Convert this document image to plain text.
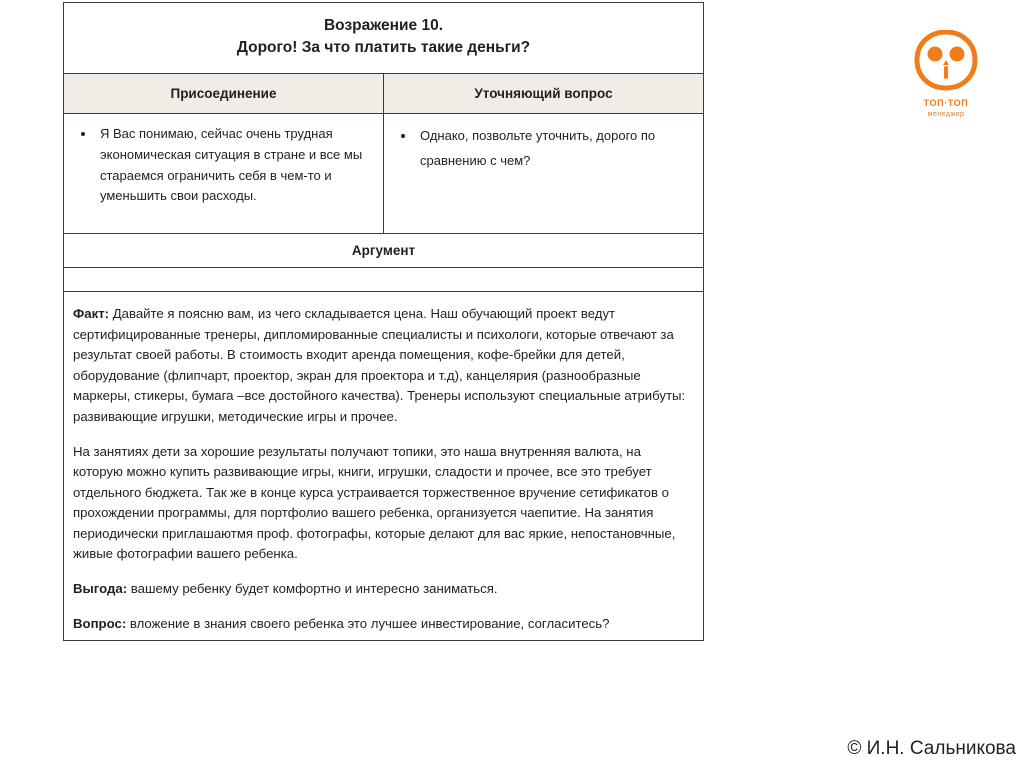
Возражение 10.
Дорого! За что платить такие деньги?
Присоединение	Уточняющий вопрос
• Я Вас понимаю, сейчас очень трудная экономическая ситуация в стране и все мы стараемся ограничить себя в чем-то и уменьшить свои расходы.
• Однако, позвольте уточнить, дорого по сравнению с чем?
Аргумент

Факт: Давайте я поясню вам, из чего складывается цена. Наш обучающий проект ведут сертифицированные тренеры, дипломированные специалисты и психологи, которые отвечают за результат своей работы. В стоимость входит аренда помещения, кофе-брейки для детей, оборудование (флипчарт, проектор, экран для проектора и т.д), канцелярия (разнообразные маркеры, стикеры, бумага –все достойного качества). Тренеры используют специальные атрибуты: развивающие игрушки, методические игры и прочее.

На занятиях дети за хорошие результаты получают топики, это наша внутренняя валюта, на которую можно купить развивающие игры, книги, игрушки, сладости и прочее, все это требует отдельного бюджета. Так же в конце курса устраивается торжественное вручение сетификатов о прохождении программы, для портфолио вашего ребенка, организуется чаепитие. На занятия периодически приглашаютмя проф. фотографы, которые делают для вас яркие, непостановчные, живые фотографии вашего ребенка.

Выгода: вашему ребенку будет комфортно и интересно заниматься.

Вопрос: вложение в знания своего ребенка это лучшее инвестирование, согласитесь?

ТОП·ТОП
менеджер
© И.Н. Сальникова
